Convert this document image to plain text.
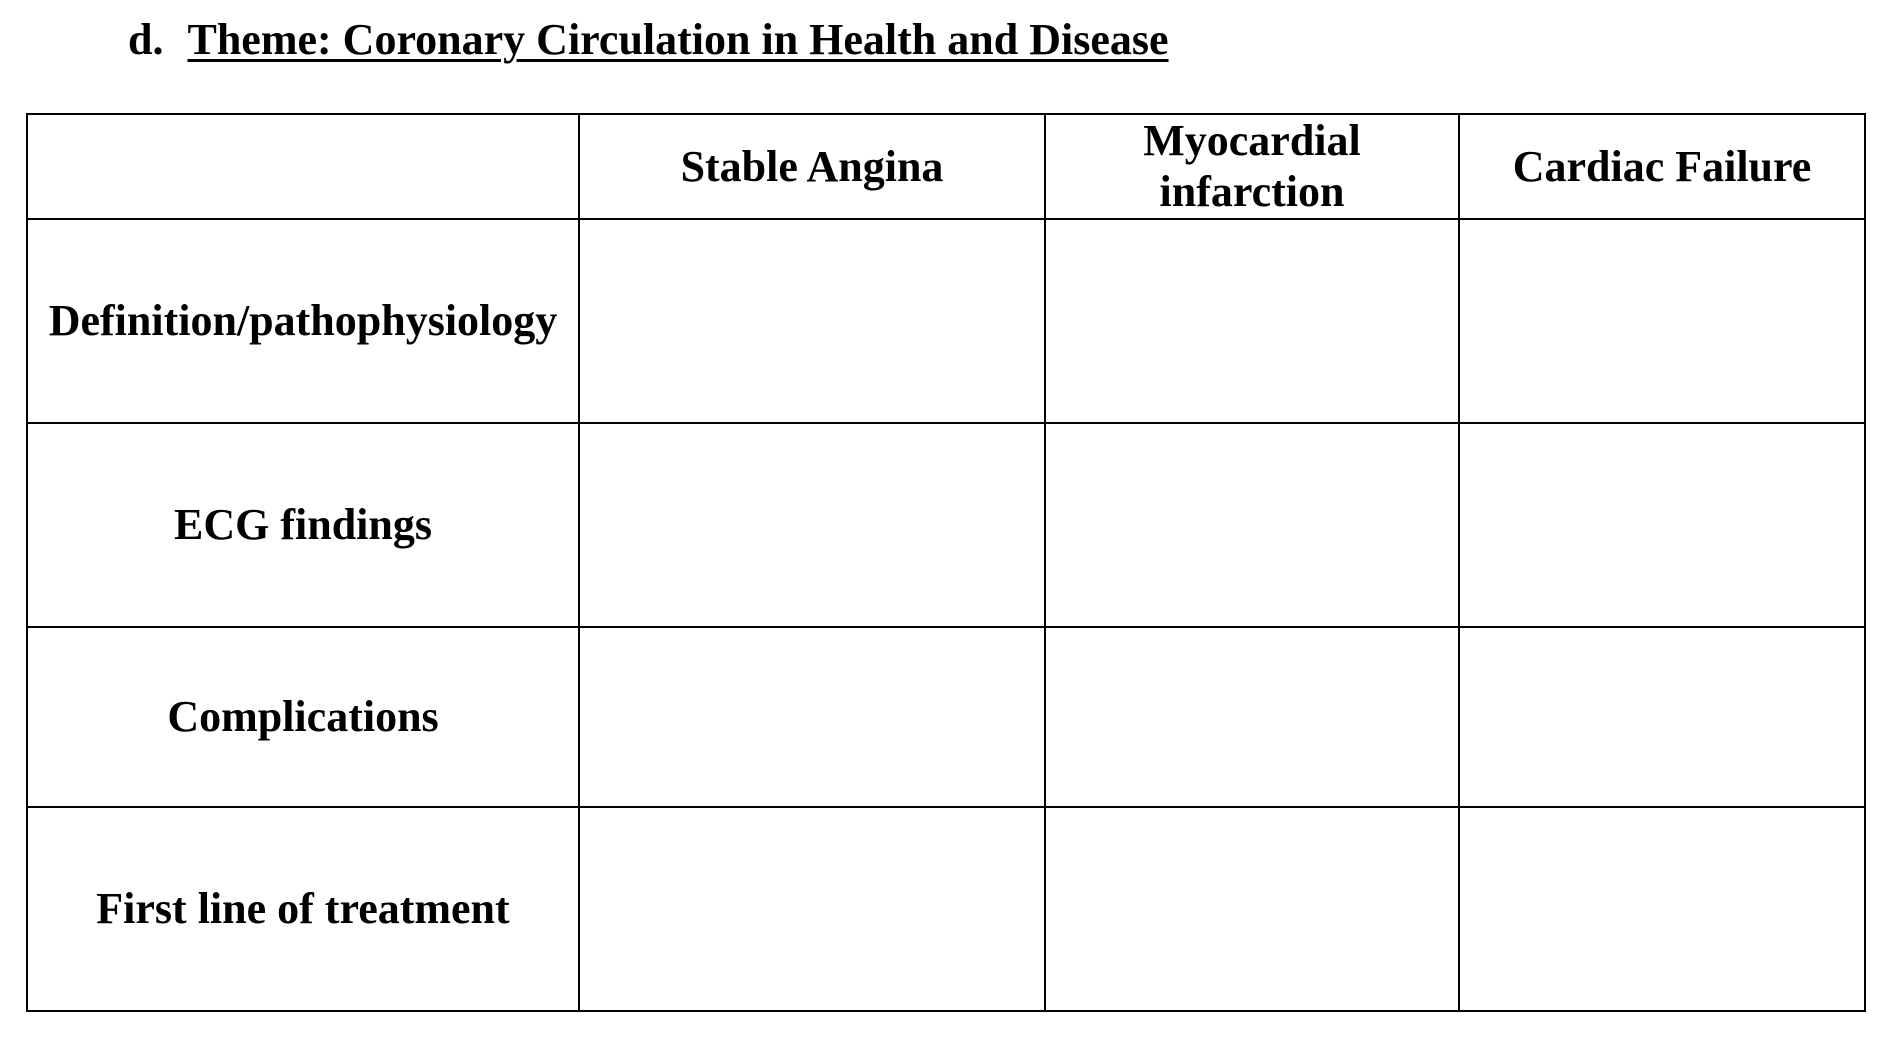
d. Theme: Coronary Circulation in Health and Disease

	Stable Angina	Myocardial infarction	Cardiac Failure

Definition/pathophysiology			

ECG findings			

Complications			

First line of treatment			
